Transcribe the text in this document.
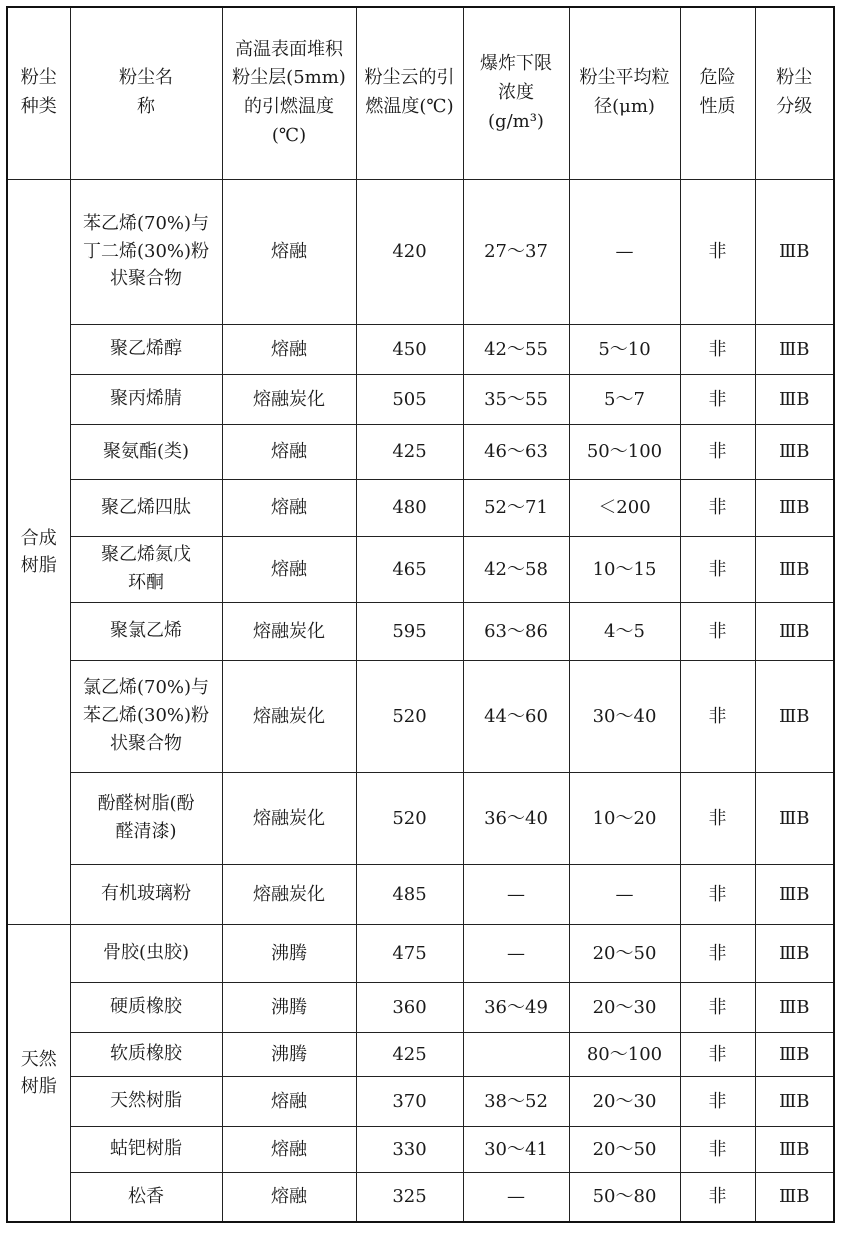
粉尘种类	粉尘名称	高温表面堆积粉尘层(5mm)的引燃温度(℃)	粉尘云的引燃温度(℃)	爆炸下限浓度(g/m³)	粉尘平均粒径(μm)	危险性质	粉尘分级
合成树脂	苯乙烯(70%)与丁二烯(30%)粉状聚合物	熔融	420	27～37	—	非	ⅢB
	聚乙烯醇	熔融	450	42～55	5～10	非	ⅢB
	聚丙烯腈	熔融炭化	505	35～55	5～7	非	ⅢB
	聚氨酯(类)	熔融	425	46～63	50～100	非	ⅢB
	聚乙烯四肽	熔融	480	52～71	＜200	非	ⅢB
	聚乙烯氮戊环酮	熔融	465	42～58	10～15	非	ⅢB
	聚氯乙烯	熔融炭化	595	63～86	4～5	非	ⅢB
	氯乙烯(70%)与苯乙烯(30%)粉状聚合物	熔融炭化	520	44～60	30～40	非	ⅢB
	酚醛树脂(酚醛清漆)	熔融炭化	520	36～40	10～20	非	ⅢB
	有机玻璃粉	熔融炭化	485	—	—	非	ⅢB
天然树脂	骨胶(虫胶)	沸腾	475	—	20～50	非	ⅢB
	硬质橡胶	沸腾	360	36～49	20～30	非	ⅢB
	软质橡胶	沸腾	425		80～100	非	ⅢB
	天然树脂	熔融	370	38～52	20～30	非	ⅢB
	蛄钯树脂	熔融	330	30～41	20～50	非	ⅢB
	松香	熔融	325	—	50～80	非	ⅢB
